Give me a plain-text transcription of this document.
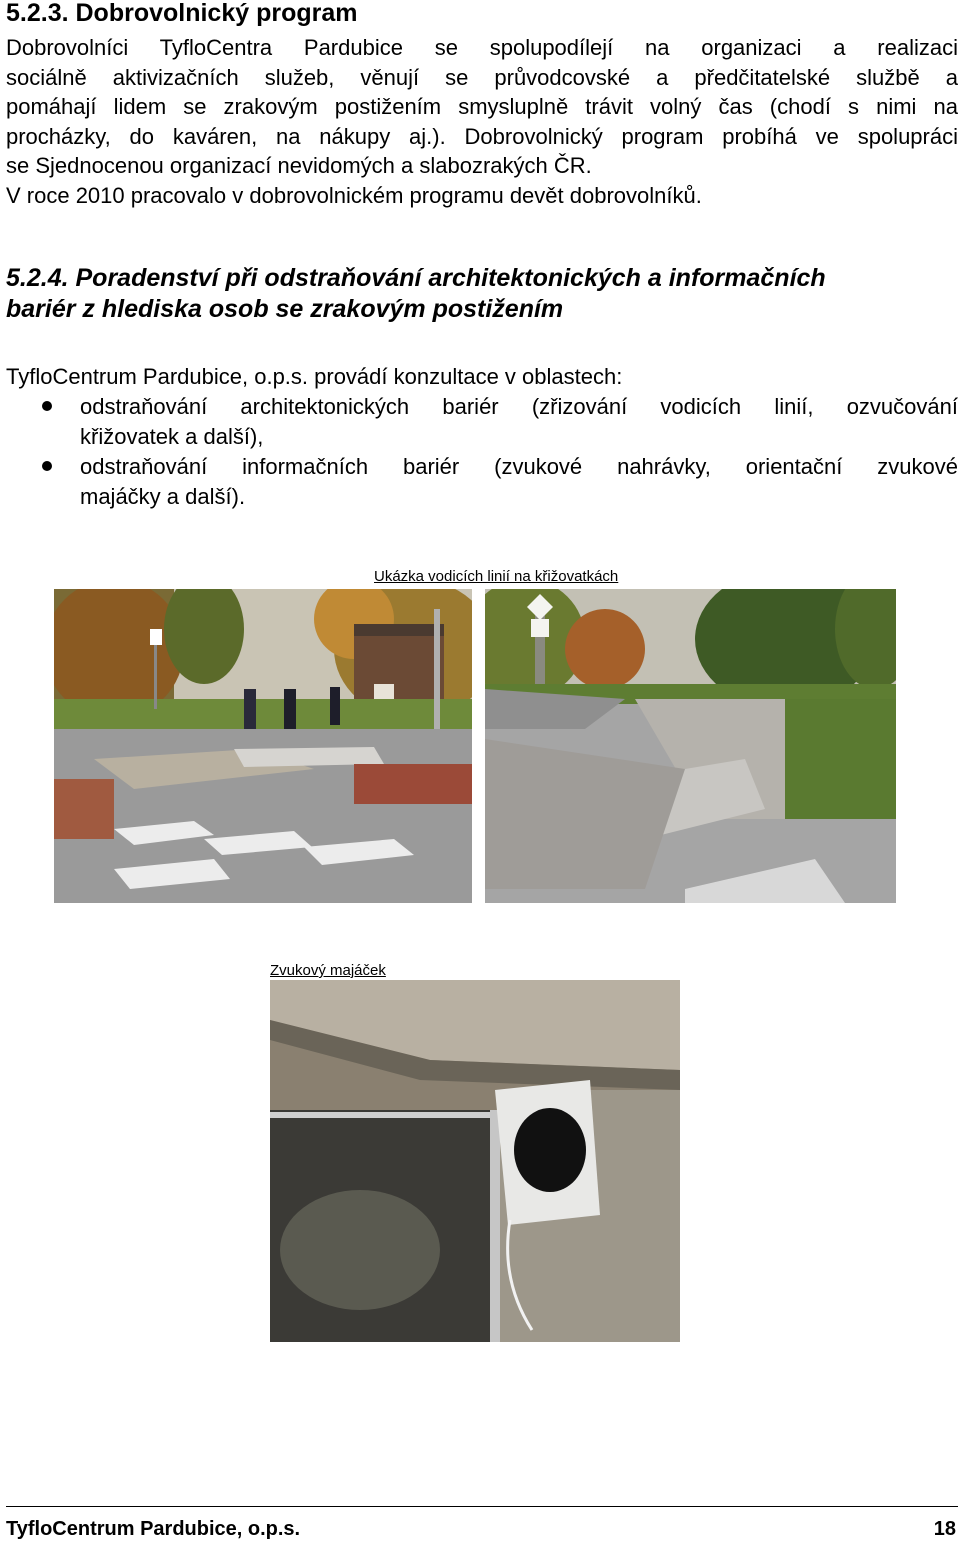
5.2.3. Dobrovolnický program
Dobrovolníci TyfloCentra Pardubice se spolupodílejí na organizaci a realizaci
sociálně aktivizačních služeb, věnují se průvodcovské a předčitatelské službě a
pomáhají lidem se zrakovým postižením smysluplně trávit volný čas (chodí s nimi na
procházky, do kaváren, na nákupy aj.). Dobrovolnický program probíhá ve spolupráci
se Sjednocenou organizací nevidomých a slabozrakých ČR.
V roce 2010 pracovalo v dobrovolnickém programu devět dobrovolníků.
5.2.4. Poradenství při odstraňování architektonických a informačních
bariér z hlediska osob se zrakovým postižením
TyfloCentrum Pardubice, o.p.s. provádí konzultace v oblastech:
odstraňování architektonických bariér (zřizování vodicích linií, ozvučování
křižovatek a další),
odstraňování informačních bariér (zvukové nahrávky, orientační zvukové
majáčky a další).
Ukázka vodicích linií na křižovatkách
Zvukový majáček
TyfloCentrum Pardubice, o.p.s.	18
